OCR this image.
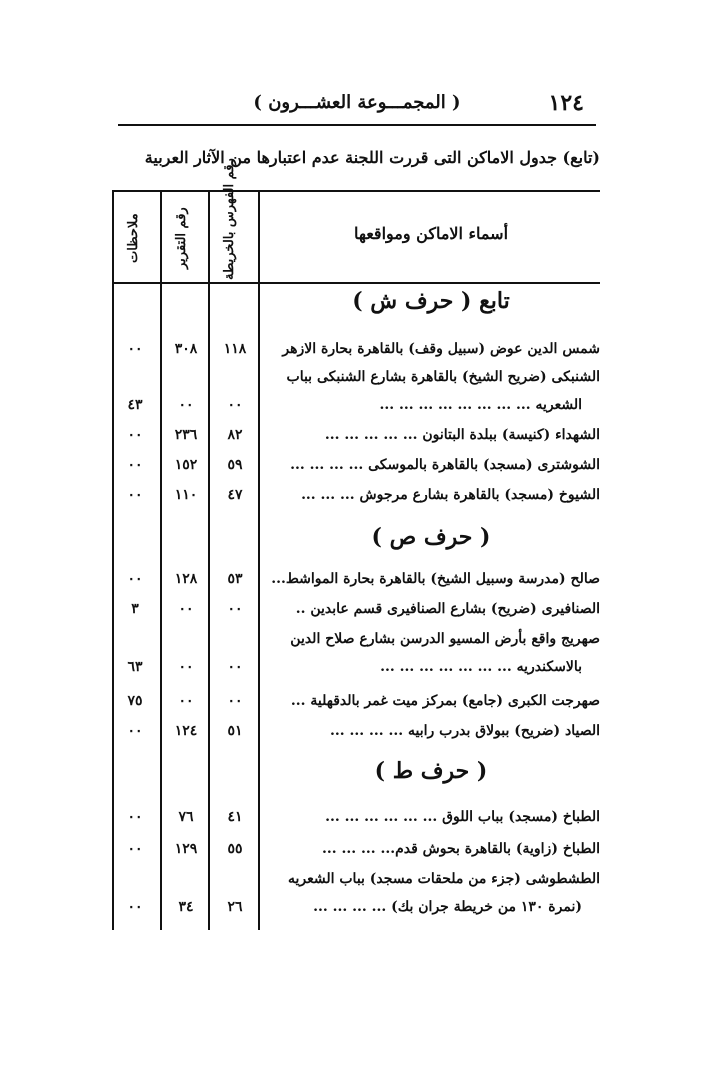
١٢٤
( المجمـــوعة العشـــرون )
(تابع) جدول الاماكن التى قررت اللجنة عدم اعتبارها من الآثار العربية
أسماء الاماكن ومواقعها
رقم الفهرس بالخريطة
رقم التقرير
ملاحظات
تابع ( حرف ش )
شمس الدين عوض (سبيل وقف) بالقاهرة بحارة الازهر
١١٨
٣٠٨
٠٠
الشنبكى (ضريح الشيخ) بالقاهرة بشارع الشنبكى بباب
الشعريه ... ... ... ... ... ... ... ...
٠٠
٠٠
٤٣
الشهداء (كنيسة) ببلدة البتانون ... ... ... ... ...
٨٢
٢٣٦
٠٠
الشوشترى (مسجد) بالقاهرة بالموسكى ... ... ... ...
٥٩
١٥٢
٠٠
الشيوخ (مسجد) بالقاهرة بشارع مرجوش ... ... ...
٤٧
١١٠
٠٠
( حرف ص )
صالح (مدرسة وسبيل الشيخ) بالقاهرة بحارة المواشط...
٥٣
١٢٨
٠٠
الصنافيرى (ضريح) بشارع الصنافيرى قسم عابدين ..
٠٠
٠٠
٣
صهريج واقع بأرض المسيو الدرسن بشارع صلاح الدين
بالاسكندريه ... ... ... ... ... ... ...
٠٠
٠٠
٦٣
صهرجت الكبرى (جامع) بمركز ميت غمر بالدقهلية ...
٠٠
٠٠
٧٥
الصياد (ضريح) ببولاق بدرب رابيه ... ... ... ...
٥١
١٢٤
٠٠
( حرف ط )
الطباخ (مسجد) بباب اللوق ... ... ... ... ... ...
٤١
٧٦
٠٠
الطباخ (زاوية) بالقاهرة بحوش قدم... ... ... ...
٥٥
١٢٩
٠٠
الطشطوشى (جزء من ملحقات مسجد) بباب الشعريه
(نمرة ١٣٠ من خريطة جران بك) ... ... ... ...
٢٦
٣٤
٠٠
